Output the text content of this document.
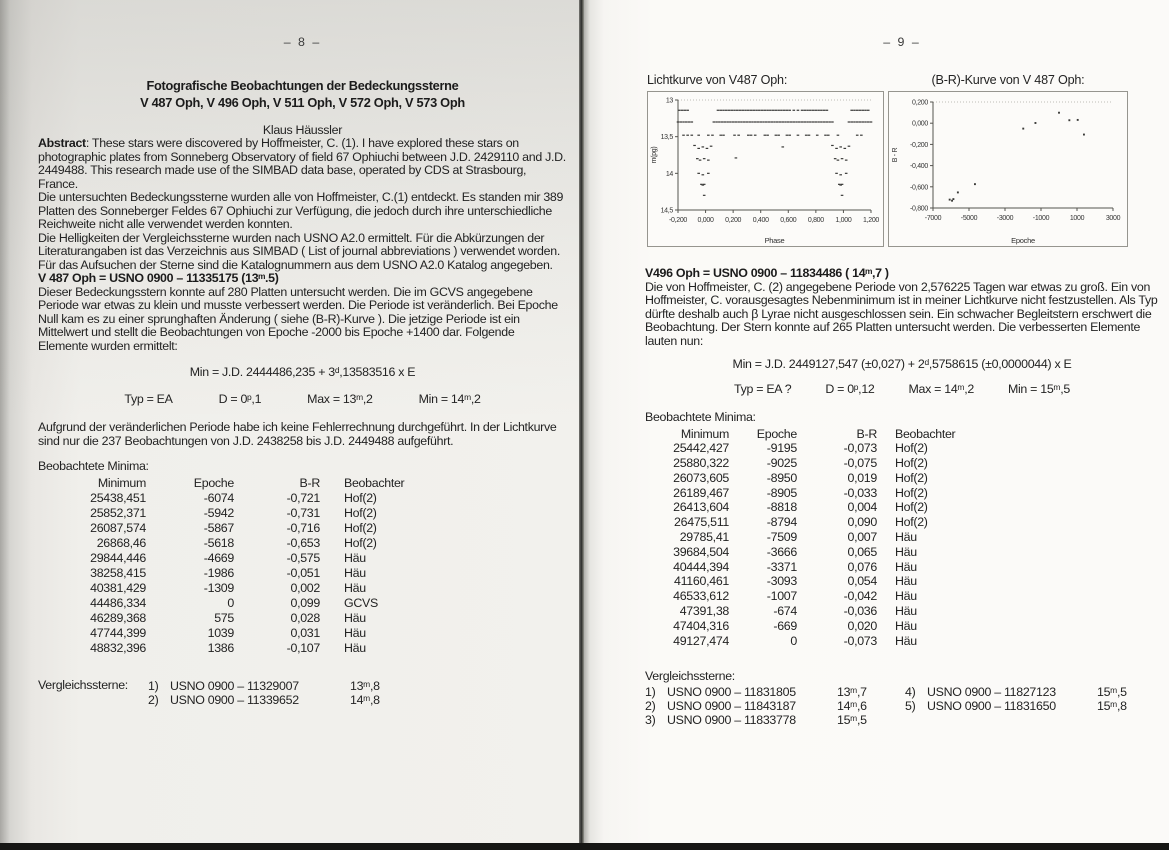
– 8 –
Fotografische Beobachtungen der Bedeckungssterne
V 487 Oph, V 496 Oph, V 511 Oph, V 572 Oph, V 573 Oph
Klaus Häussler

Abstract: These stars were discovered by Hoffmeister, C. (1). I have explored these stars on photographic plates from Sonneberg Observatory of field 67 Ophiuchi between J.D. 2429110 and J.D. 2449488. This research made use of the SIMBAD data base, operated by CDS at Strasbourg, France.

Die untersuchten Bedeckungssterne wurden alle von Hoffmeister, C.(1) entdeckt. Es standen mir 389 Platten des Sonneberger Feldes 67 Ophiuchi zur Verfügung, die jedoch durch ihre unterschiedliche Reichweite nicht alle verwendet werden konnten.
Die Helligkeiten der Vergleichssterne wurden nach USNO A2.0 ermittelt. Für die Abkürzungen der Literaturangaben ist das Verzeichnis aus SIMBAD ( List of journal abbreviations ) verwendet worden. Für das Aufsuchen der Sterne sind die Katalognummern aus dem USNO A2.0 Katalog angegeben.

V 487 Oph = USNO 0900 – 11335175 (13ᵐ.5)
Dieser Bedeckungsstern konnte auf 280 Platten untersucht werden. Die im GCVS angegebene Periode war etwas zu klein und musste verbessert werden. Die Periode ist veränderlich. Bei Epoche Null kam es zu einer sprunghaften Änderung ( siehe (B-R)-Kurve ). Die jetzige Periode ist ein Mittelwert und stellt die Beobachtungen von Epoche -2000 bis Epoche +1400 dar. Folgende Elemente wurden ermittelt:

Min = J.D. 2444486,235 + 3ᵈ,13583516 x E
Typ = EA	D = 0ᵖ,1	Max = 13ᵐ,2	Min = 14ᵐ,2

Aufgrund der veränderlichen Periode habe ich keine Fehlerrechnung durchgeführt. In der Lichtkurve sind nur die 237 Beobachtungen von J.D. 2438258 bis J.D. 2449488 aufgeführt.

Beobachtete Minima:
Minimum	Epoche	B-R	Beobachter
25438,451	-6074	-0,721	Hof(2)
25852,371	-5942	-0,731	Hof(2)
26087,574	-5867	-0,716	Hof(2)
26868,46	-5618	-0,653	Hof(2)
29844,446	-4669	-0,575	Häu
38258,415	-1986	-0,051	Häu
40381,429	-1309	0,002	Häu
44486,334	0	0,099	GCVS
46289,368	575	0,028	Häu
47744,399	1039	0,031	Häu
48832,396	1386	-0,107	Häu
Vergleichssterne:	1) USNO 0900 – 11329007	13ᵐ,8
2) USNO 0900 – 11339652	14ᵐ,8
– 9 –
Lichtkurve von V487 Oph:
-0,200 0,000 0,200 0,400 0,600 0,800 1,000 1,200
13
13,5
14
14,5
Phase
m(pg)
(B-R)-Kurve von V 487 Oph:
-7000	-5000	-3000	-1000	1000	3000
0,200
0,000
-0,200
-0,400
-0,600
-0,800
Epoche
B - R

V496 Oph = USNO 0900 – 11834486 ( 14ᵐ,7 )
Die von Hoffmeister, C. (2) angegebene Periode von 2,576225 Tagen war etwas zu groß. Ein von Hoffmeister, C. vorausgesagtes Nebenminimum ist in meiner Lichtkurve nicht festzustellen. Als Typ dürfte deshalb auch β Lyrae nicht ausgeschlossen sein. Ein schwacher Begleitstern erschwert die Beobachtung. Der Stern konnte auf 265 Platten untersucht werden. Die verbesserten Elemente lauten nun:

Min = J.D. 2449127,547 (±0,027) + 2ᵈ,5758615 (±0,0000044) x E
Typ = EA ?	D = 0ᵖ,12	Max = 14ᵐ,2	Min = 15ᵐ,5
Beobachtete Minima:
Minimum	Epoche	B-R	Beobachter
25442,427	-9195	-0,073	Hof(2)
25880,322	-9025	-0,075	Hof(2)
26073,605	-8950	0,019	Hof(2)
26189,467	-8905	-0,033	Hof(2)
26413,604	-8818	0,004	Hof(2)
26475,511	-8794	0,090	Hof(2)
29785,41	-7509	0,007	Häu
39684,504	-3666	0,065	Häu
40444,394	-3371	0,076	Häu
41160,461	-3093	0,054	Häu
46533,612	-1007	-0,042	Häu
47391,38	-674	-0,036	Häu
47404,316	-669	0,020	Häu
49127,474	0	-0,073	Häu
Vergleichssterne:
1) USNO 0900 – 11831805	13ᵐ,7
2) USNO 0900 – 11843187	14ᵐ,6
3) USNO 0900 – 11833778	15ᵐ,5
4) USNO 0900 – 11827123	15ᵐ,5
5) USNO 0900 – 11831650	15ᵐ,8
